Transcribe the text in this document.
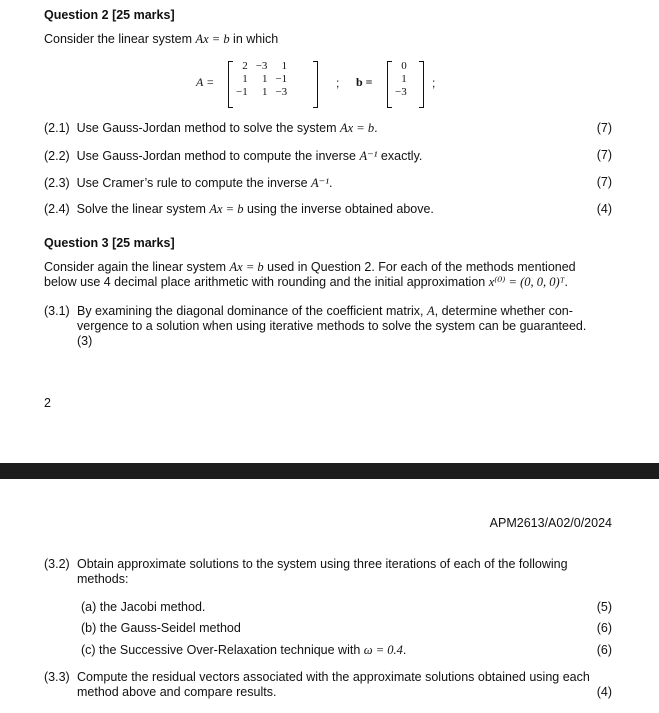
Question 2 [25 marks]
Consider the linear system Ax = b in which
A =
2	−3	1
1	1	−1
−1	1	−3
; b =
0
1
−3
;
(2.1) Use Gauss-Jordan method to solve the system Ax = b.	(7)
(2.2) Use Gauss-Jordan method to compute the inverse A⁻¹ exactly.	(7)
(2.3) Use Cramer’s rule to compute the inverse A⁻¹.	(7)
(2.4) Solve the linear system Ax = b using the inverse obtained above.	(4)
Question 3 [25 marks]
Consider again the linear system Ax = b used in Question 2. For each of the methods mentioned
below use 4 decimal place arithmetic with rounding and the initial approximation x⁽⁰⁾ = (0, 0, 0)ᵀ.
(3.1) By examining the diagonal dominance of the coefficient matrix, A, determine whether con-
vergence to a solution when using iterative methods to solve the system can be guaranteed.
(3)
2
APM2613/A02/0/2024
(3.2) Obtain approximate solutions to the system using three iterations of each of the following
methods:
(a) the Jacobi method.	(5)
(b) the Gauss-Seidel method	(6)
(c) the Successive Over-Relaxation technique with ω = 0.4.	(6)
(3.3) Compute the residual vectors associated with the approximate solutions obtained using each
method above and compare results.	(4)
